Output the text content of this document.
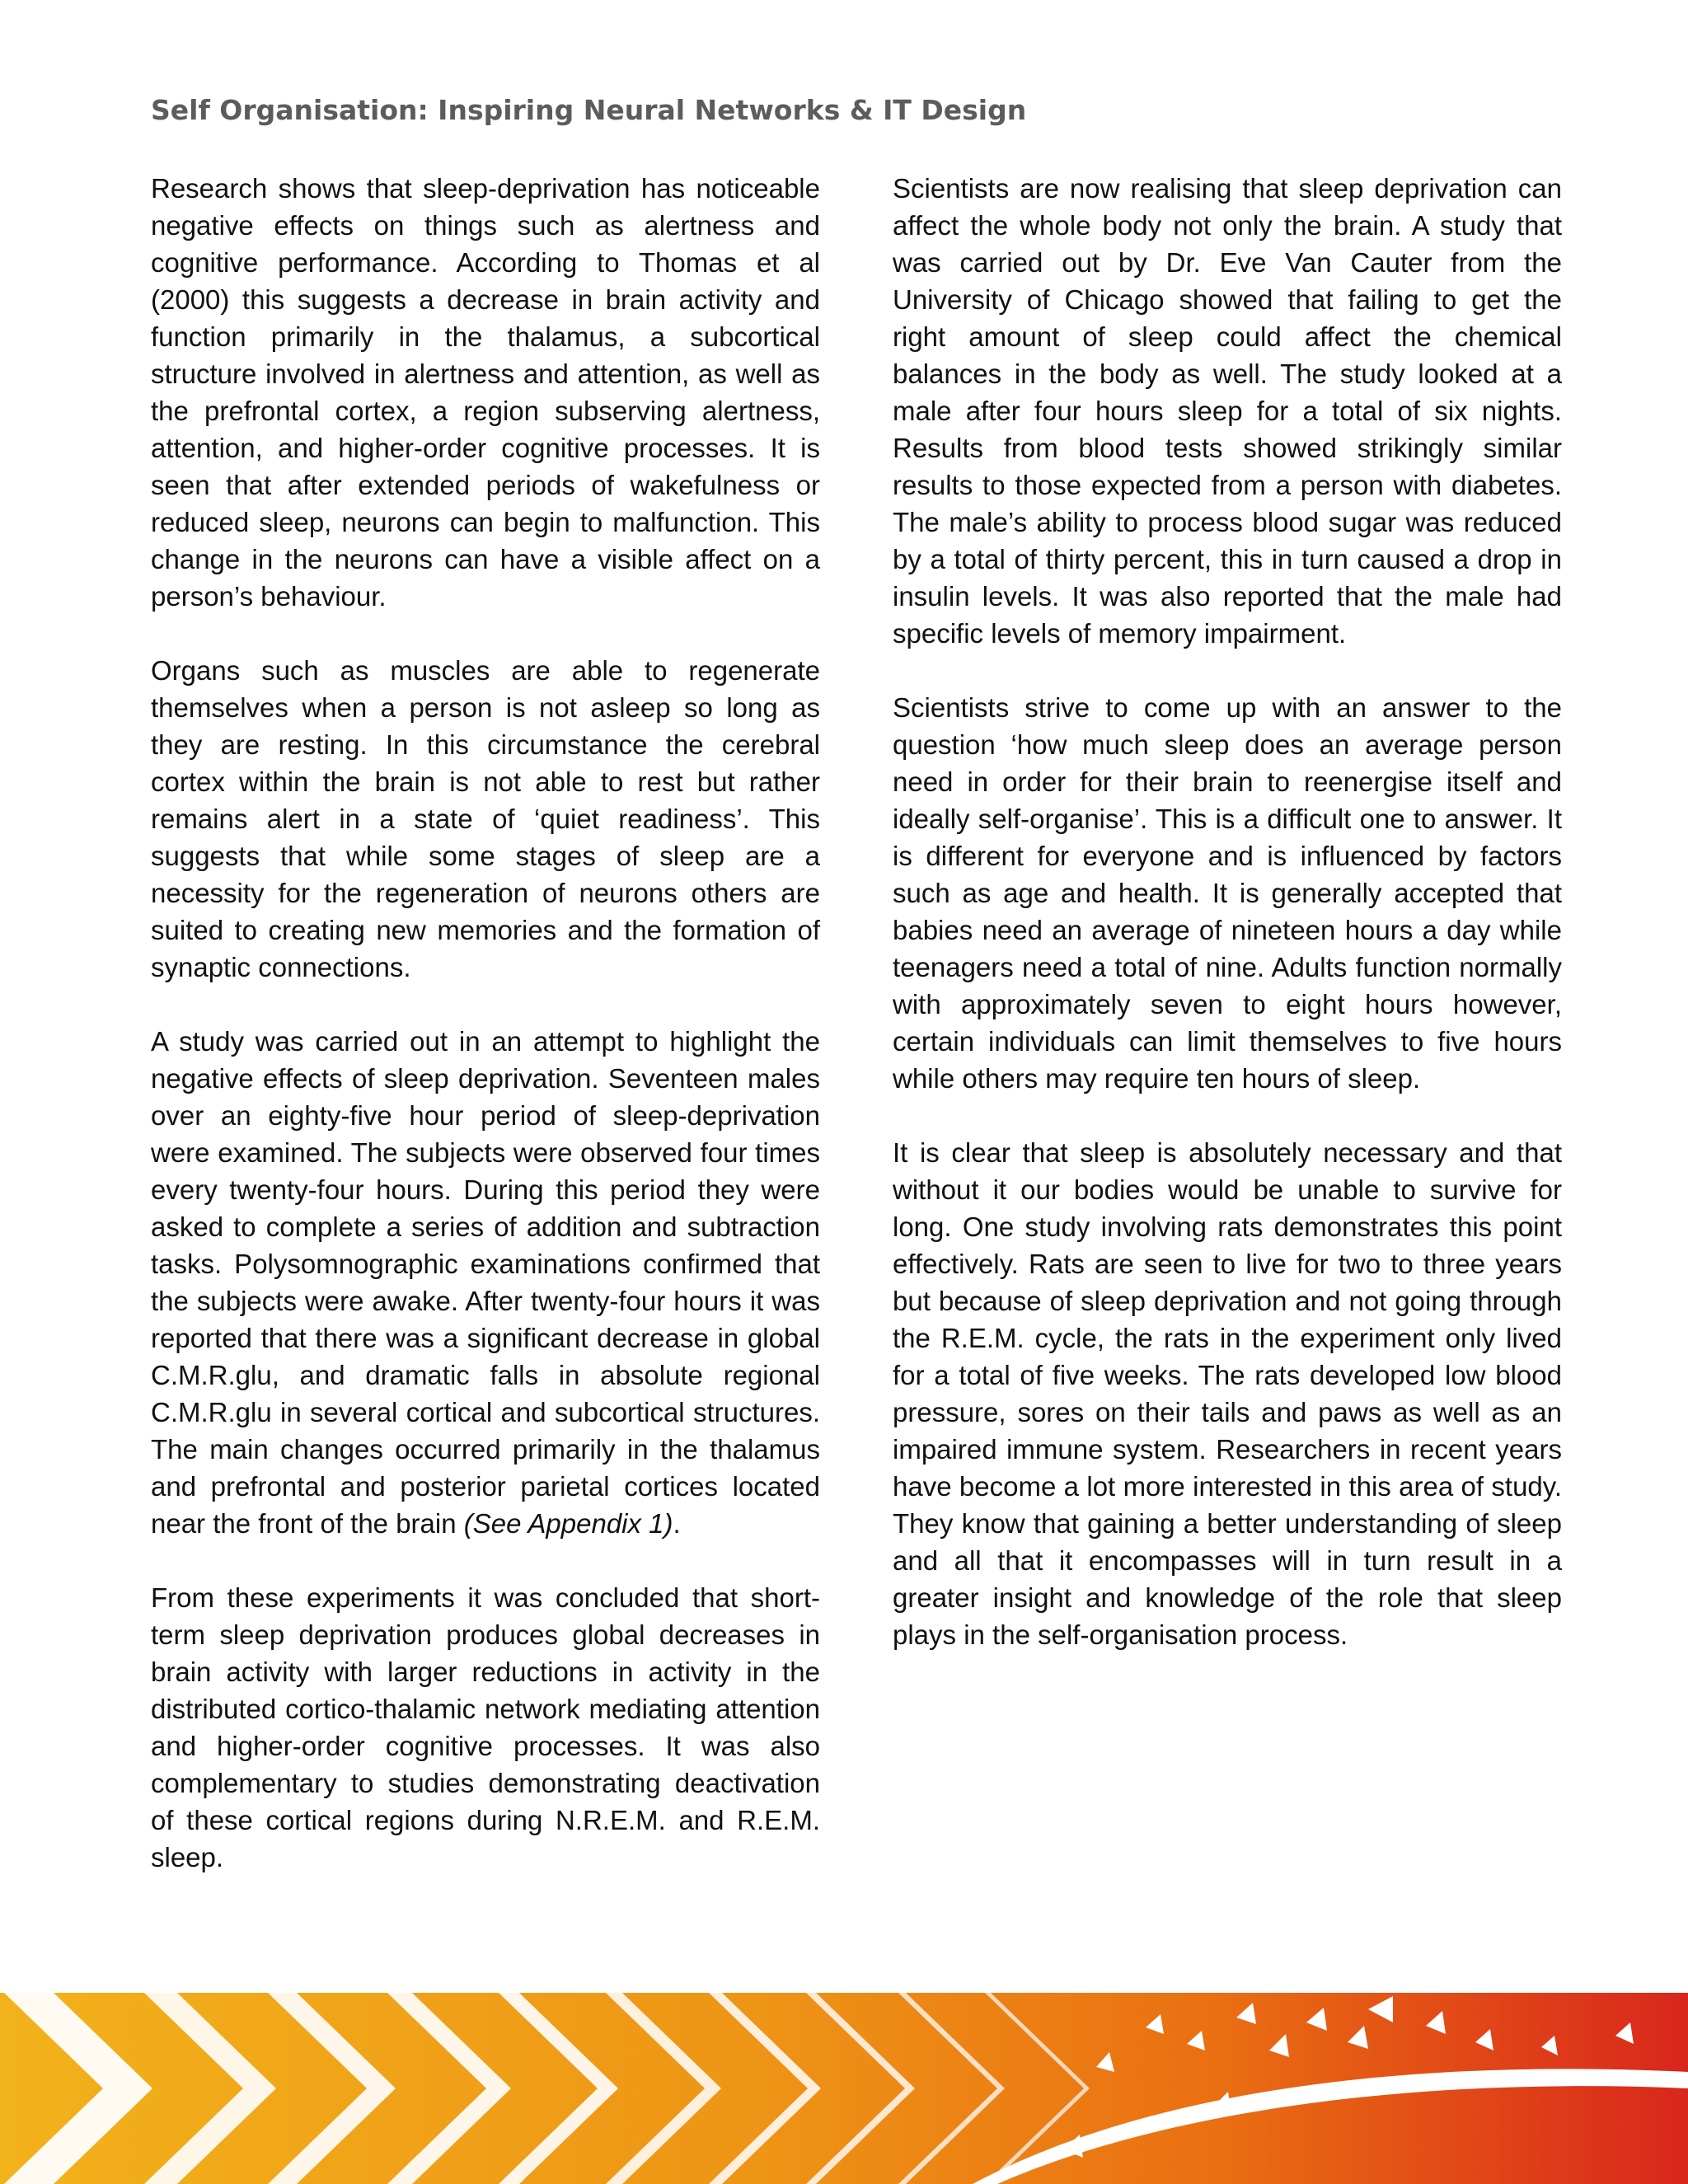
Self Organisation: Inspiring Neural Networks & IT Design

Research shows that sleep-deprivation has noticeable negative effects on things such as alertness and cognitive performance. According to Thomas et al (2000) this suggests a decrease in brain activity and function primarily in the thalamus, a subcortical structure involved in alertness and attention, as well as the prefrontal cortex, a region subserving alertness, attention, and higher-order cognitive processes. It is seen that after extended periods of wakefulness or reduced sleep, neurons can begin to malfunction. This change in the neurons can have a visible affect on a person’s behaviour.

Organs such as muscles are able to regenerate themselves when a person is not asleep so long as they are resting. In this circumstance the cerebral cortex within the brain is not able to rest but rather remains alert in a state of ‘quiet readiness’. This suggests that while some stages of sleep are a necessity for the regeneration of neurons others are suited to creating new memories and the formation of synaptic connections.

A study was carried out in an attempt to highlight the negative effects of sleep deprivation. Seventeen males over an eighty-five hour period of sleep-deprivation were examined. The subjects were observed four times every twenty-four hours. During this period they were asked to complete a series of addition and subtraction tasks. Polysomnographic examinations confirmed that the subjects were awake. After twenty-four hours it was reported that there was a significant decrease in global C.M.R.glu, and dramatic falls in absolute regional C.M.R.glu in several cortical and subcortical structures. The main changes occurred primarily in the thalamus and prefrontal and posterior parietal cortices located near the front of the brain (See Appendix 1).

From these experiments it was concluded that short-term sleep deprivation produces global decreases in brain activity with larger reductions in activity in the distributed cortico-thalamic network mediating attention and higher-order cognitive processes. It was also complementary to studies demonstrating deactivation of these cortical regions during N.R.E.M. and R.E.M. sleep.

Scientists are now realising that sleep deprivation can affect the whole body not only the brain. A study that was carried out by Dr. Eve Van Cauter from the University of Chicago showed that failing to get the right amount of sleep could affect the chemical balances in the body as well. The study looked at a male after four hours sleep for a total of six nights. Results from blood tests showed strikingly similar results to those expected from a person with diabetes. The male’s ability to process blood sugar was reduced by a total of thirty percent, this in turn caused a drop in insulin levels. It was also reported that the male had specific levels of memory impairment.

Scientists strive to come up with an answer to the question ‘how much sleep does an average person need in order for their brain to reenergise itself and ideally self-organise’. This is a difficult one to answer. It is different for everyone and is influenced by factors such as age and health. It is generally accepted that babies need an average of nineteen hours a day while teenagers need a total of nine. Adults function normally with approximately seven to eight hours however, certain individuals can limit themselves to five hours while others may require ten hours of sleep.

It is clear that sleep is absolutely necessary and that without it our bodies would be unable to survive for long. One study involving rats demonstrates this point effectively. Rats are seen to live for two to three years but because of sleep deprivation and not going through the R.E.M. cycle, the rats in the experiment only lived for a total of five weeks. The rats developed low blood pressure, sores on their tails and paws as well as an impaired immune system. Researchers in recent years have become a lot more interested in this area of study. They know that gaining a better understanding of sleep and all that it encompasses will in turn result in a greater insight and knowledge of the role that sleep plays in the self-organisation process.
